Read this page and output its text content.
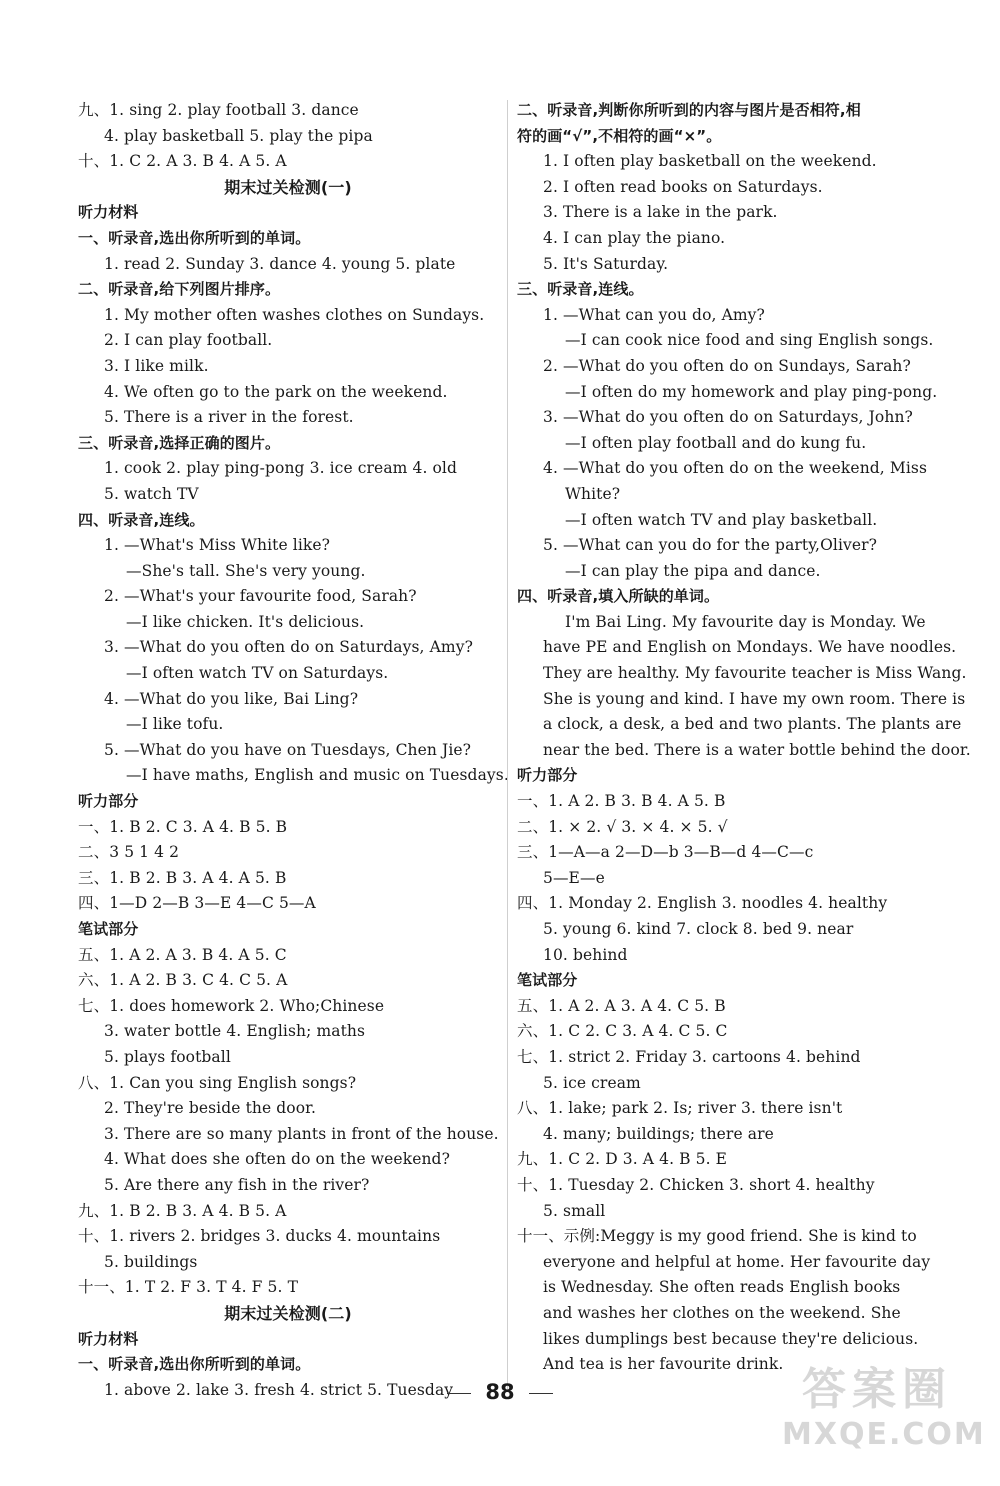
九、1. sing 2. play football 3. dance
4. play basketball 5. play the pipa
十、1. C 2. A 3. B 4. A 5. A
期末过关检测(一)
听力材料
一、听录音,选出你所听到的单词。
1. read 2. Sunday 3. dance 4. young 5. plate
二、听录音,给下列图片排序。
1. My mother often washes clothes on Sundays.
2. I can play football.
3. I like milk.
4. We often go to the park on the weekend.
5. There is a river in the forest.
三、听录音,选择正确的图片。
1. cook 2. play ping-pong 3. ice cream 4. old
5. watch TV
四、听录音,连线。
1. —What's Miss White like?
—She's tall. She's very young.
2. —What's your favourite food, Sarah?
—I like chicken. It's delicious.
3. —What do you often do on Saturdays, Amy?
—I often watch TV on Saturdays.
4. —What do you like, Bai Ling?
—I like tofu.
5. —What do you have on Tuesdays, Chen Jie?
—I have maths, English and music on Tuesdays.
听力部分
一、1. B 2. C 3. A 4. B 5. B
二、3 5 1 4 2
三、1. B 2. B 3. A 4. A 5. B
四、1—D 2—B 3—E 4—C 5—A
笔试部分
五、1. A 2. A 3. B 4. A 5. C
六、1. A 2. B 3. C 4. C 5. A
七、1. does homework 2. Who;Chinese
3. water bottle 4. English; maths
5. plays football
八、1. Can you sing English songs?
2. They're beside the door.
3. There are so many plants in front of the house.
4. What does she often do on the weekend?
5. Are there any fish in the river?
九、1. B 2. B 3. A 4. B 5. A
十、1. rivers 2. bridges 3. ducks 4. mountains
5. buildings
十一、1. T 2. F 3. T 4. F 5. T
期末过关检测(二)
听力材料
一、听录音,选出你所听到的单词。
1. above 2. lake 3. fresh 4. strict 5. Tuesday
二、听录音,判断你所听到的内容与图片是否相符,相
符的画“√”,不相符的画“×”。
1. I often play basketball on the weekend.
2. I often read books on Saturdays.
3. There is a lake in the park.
4. I can play the piano.
5. It's Saturday.
三、听录音,连线。
1. —What can you do, Amy?
—I can cook nice food and sing English songs.
2. —What do you often do on Sundays, Sarah?
—I often do my homework and play ping-pong.
3. —What do you often do on Saturdays, John?
—I often play football and do kung fu.
4. —What do you often do on the weekend, Miss
White?
—I often watch TV and play basketball.
5. —What can you do for the party,Oliver?
—I can play the pipa and dance.
四、听录音,填入所缺的单词。
I'm Bai Ling. My favourite day is Monday. We
have PE and English on Mondays. We have noodles.
They are healthy. My favourite teacher is Miss Wang.
She is young and kind. I have my own room. There is
a clock, a desk, a bed and two plants. The plants are
near the bed. There is a water bottle behind the door.
听力部分
一、1. A 2. B 3. B 4. A 5. B
二、1. × 2. √ 3. × 4. × 5. √
三、1—A—a 2—D—b 3—B—d 4—C—c
5—E—e
四、1. Monday 2. English 3. noodles 4. healthy
5. young 6. kind 7. clock 8. bed 9. near
10. behind
笔试部分
五、1. A 2. A 3. A 4. C 5. B
六、1. C 2. C 3. A 4. C 5. C
七、1. strict 2. Friday 3. cartoons 4. behind
5. ice cream
八、1. lake; park 2. Is; river 3. there isn't
4. many; buildings; there are
九、1. C 2. D 3. A 4. B 5. E
十、1. Tuesday 2. Chicken 3. short 4. healthy
5. small
十一、示例:Meggy is my good friend. She is kind to
everyone and helpful at home. Her favourite day
is Wednesday. She often reads English books
and washes her clothes on the weekend. She
likes dumplings best because they're delicious.
And tea is her favourite drink.
88	答案圈
MXQE.COM
